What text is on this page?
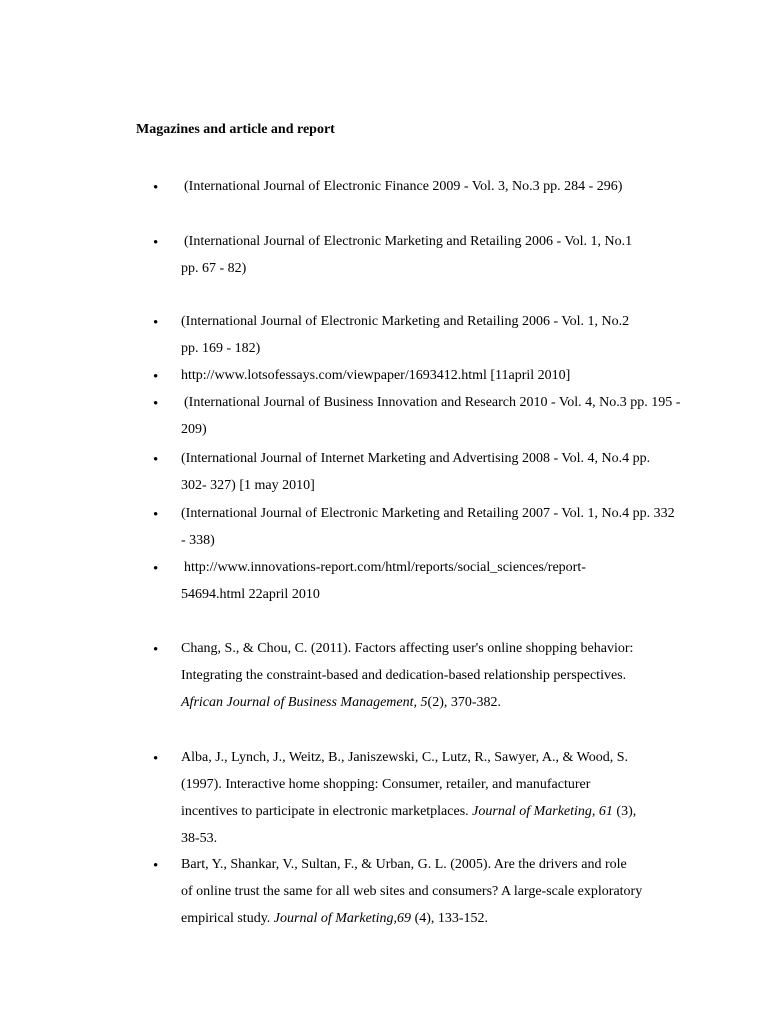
Magazines and article and report
• (International Journal of Electronic Finance 2009 - Vol. 3, No.3 pp. 284 - 296)
• (International Journal of Electronic Marketing and Retailing 2006 - Vol. 1, No.1
pp. 67 - 82)
• (International Journal of Electronic Marketing and Retailing 2006 - Vol. 1, No.2
pp. 169 - 182)
• http://www.lotsofessays.com/viewpaper/1693412.html [11april 2010]
• (International Journal of Business Innovation and Research 2010 - Vol. 4, No.3 pp. 195 -
209)
• (International Journal of Internet Marketing and Advertising 2008 - Vol. 4, No.4 pp.
302- 327) [1 may 2010]
• (International Journal of Electronic Marketing and Retailing 2007 - Vol. 1, No.4 pp. 332
- 338)
• http://www.innovations-report.com/html/reports/social_sciences/report-
54694.html 22april 2010
• Chang, S., & Chou, C. (2011). Factors affecting user's online shopping behavior:
Integrating the constraint-based and dedication-based relationship perspectives.
African Journal of Business Management, 5(2), 370-382.
• Alba, J., Lynch, J., Weitz, B., Janiszewski, C., Lutz, R., Sawyer, A., & Wood, S.
(1997). Interactive home shopping: Consumer, retailer, and manufacturer
incentives to participate in electronic marketplaces. Journal of Marketing, 61 (3),
38-53.
• Bart, Y., Shankar, V., Sultan, F., & Urban, G. L. (2005). Are the drivers and role
of online trust the same for all web sites and consumers? A large-scale exploratory
empirical study. Journal of Marketing,69 (4), 133-152.
